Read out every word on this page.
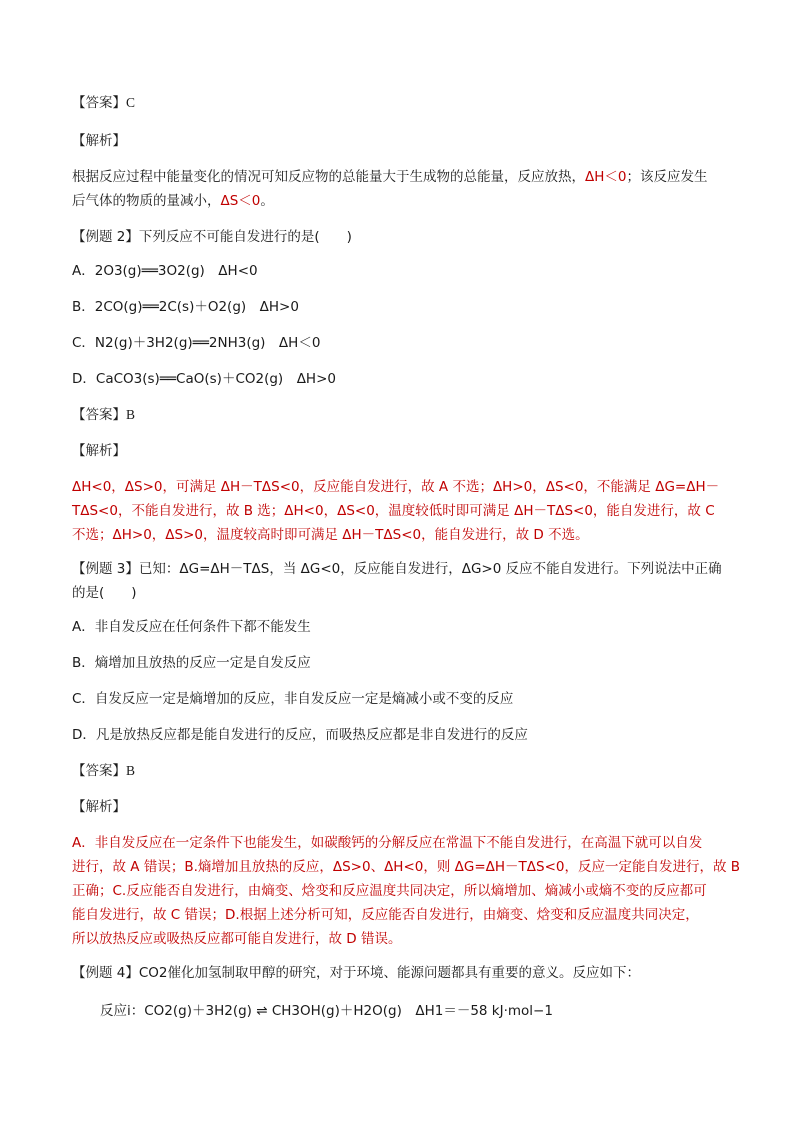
【答案】C
【解析】
根据反应过程中能量变化的情况可知反应物的总能量大于生成物的总能量，反应放热，ΔH＜0；该反应发生
后气体的物质的量减小，ΔS＜0。
【例题 2】下列反应不可能自发进行的是(　　)
A．2O3(g)══3O2(g)　ΔH<0
B．2CO(g)══2C(s)＋O2(g)　ΔH>0
C．N2(g)＋3H2(g)══2NH3(g)　ΔH＜0
D．CaCO3(s)══CaO(s)＋CO2(g)　ΔH>0
【答案】B
【解析】
ΔH<0，ΔS>0，可满足 ΔH－TΔS<0，反应能自发进行，故 A 不选；ΔH>0，ΔS<0，不能满足 ΔG=ΔH－
TΔS<0，不能自发进行，故 B 选；ΔH<0，ΔS<0，温度较低时即可满足 ΔH－TΔS<0，能自发进行，故 C
不选；ΔH>0，ΔS>0，温度较高时即可满足 ΔH－TΔS<0，能自发进行，故 D 不选。
【例题 3】已知：ΔG=ΔH－TΔS，当 ΔG<0，反应能自发进行，ΔG>0 反应不能自发进行。下列说法中正确
的是(　　)
A．非自发反应在任何条件下都不能发生
B．熵增加且放热的反应一定是自发反应
C．自发反应一定是熵增加的反应，非自发反应一定是熵减小或不变的反应
D．凡是放热反应都是能自发进行的反应，而吸热反应都是非自发进行的反应
【答案】B
【解析】
A．非自发反应在一定条件下也能发生，如碳酸钙的分解反应在常温下不能自发进行，在高温下就可以自发
进行，故 A 错误；B.熵增加且放热的反应，ΔS>0、ΔH<0，则 ΔG=ΔH－TΔS<0，反应一定能自发进行，故 B
正确；C.反应能否自发进行，由熵变、焓变和反应温度共同决定，所以熵增加、熵减小或熵不变的反应都可
能自发进行，故 C 错误；D.根据上述分析可知，反应能否自发进行，由熵变、焓变和反应温度共同决定，
所以放热反应或吸热反应都可能自发进行，故 D 错误。
【例题 4】CO2催化加氢制取甲醇的研究，对于环境、能源问题都具有重要的意义。反应如下：
反应ⅰ：CO2(g)＋3H2(g) ⇌ CH3OH(g)＋H2O(g)　ΔH1＝－58 kJ·mol−1
